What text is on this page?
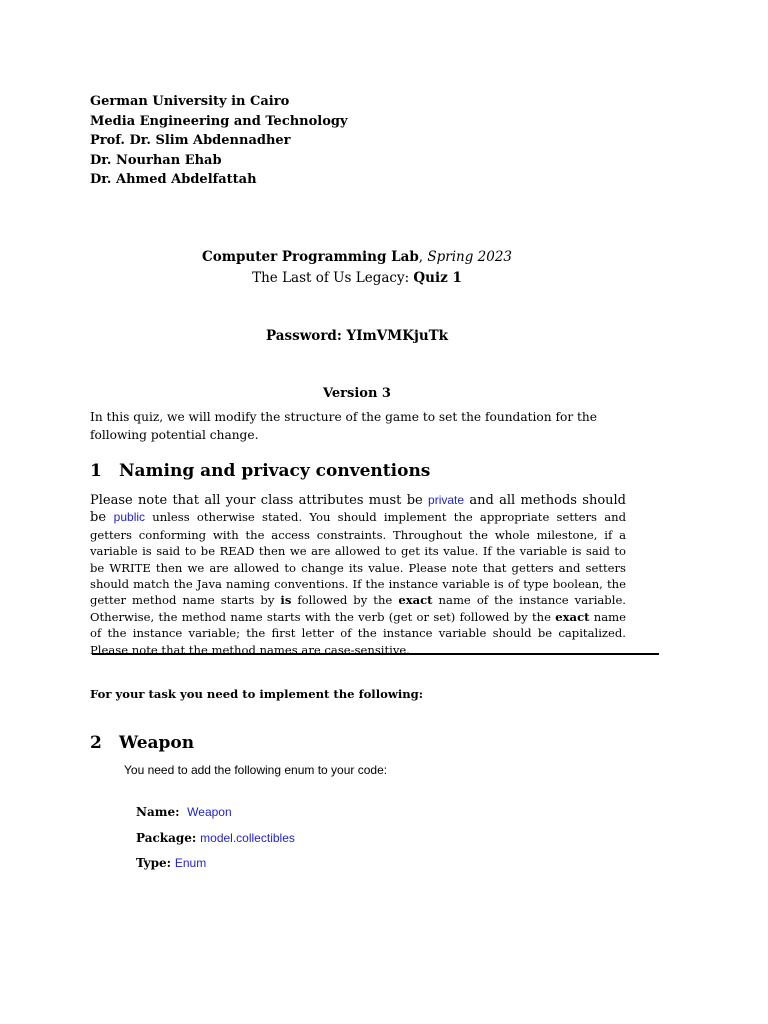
German University in Cairo
Media Engineering and Technology
Prof. Dr. Slim Abdennadher
Dr. Nourhan Ehab
Dr. Ahmed Abdelfattah
Computer Programming Lab, Spring 2023
The Last of Us Legacy: Quiz 1
Password: YImVMKjuTk
Version 3
In this quiz, we will modify the structure of the game to set the foundation for the following potential change.
1 Naming and privacy conventions
Please note that all your class attributes must be private and all methods should be public unless otherwise stated. You should implement the appropriate setters and getters conforming with the access constraints. Throughout the whole milestone, if a variable is said to be READ then we are allowed to get its value. If the variable is said to be WRITE then we are allowed to change its value. Please note that getters and setters should match the Java naming conventions. If the instance variable is of type boolean, the getter method name starts by is followed by the exact name of the instance variable. Otherwise, the method name starts with the verb (get or set) followed by the exact name of the instance variable; the first letter of the instance variable should be capitalized. Please note that the method names are case-sensitive.
For your task you need to implement the following:
2 Weapon
You need to add the following enum to your code:
Name: Weapon
Package: model.collectibles
Type: Enum
